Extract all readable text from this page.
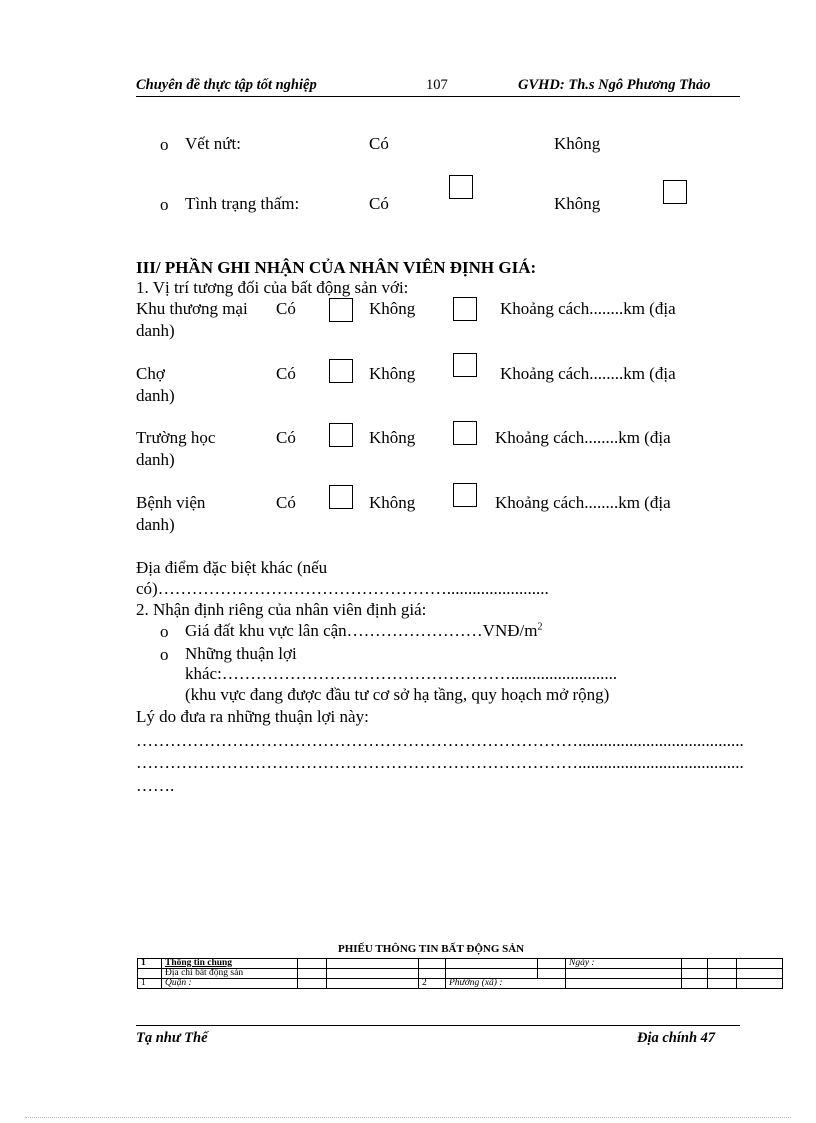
Chuyên đề thực tập tốt nghiệp	107	GVHD: Th.s Ngô Phương Thảo
o Vết nứt:	Có	Không
o Tình trạng thấm:	Có	Không
III/ PHẦN GHI NHẬN CỦA NHÂN VIÊN ĐỊNH GIÁ:
1. Vị trí tương đối của bất động sản với:
Khu thương mại Có	Không	Khoảng cách........km (địa
danh)
Chợ	Có	Không	Khoảng cách........km (địa
danh)
Trường học	Có	Không	Khoảng cách........km (địa
danh)
Bệnh viện	Có	Không	Khoảng cách........km (địa
danh)
Địa điểm đặc biệt khác (nếu
có)……………………………………………........................
2. Nhận định riêng của nhân viên định giá:
o Giá đất khu vực lân $cận\dots\dots\dots\dots\dots\dots\dots\dots VNĐ/m^2$
o Những thuận lợi
khác:…………………………………………….........................
(khu vực đang được đầu tư cơ sở hạ tầng, quy hoạch mở rộng)
Lý do đưa ra những thuận lợi này:
…………………………………………………………………….......................................
…………………………………………………………………….......................................
…….
PHIẾU THÔNG TIN BẤT ĐỘNG SẢN
1	Thông tin chung						Ngày :			
	Địa chỉ bất động sản									
1	Quận :			2	Phường (xã) :					
Tạ như Thế	Địa chính 47
